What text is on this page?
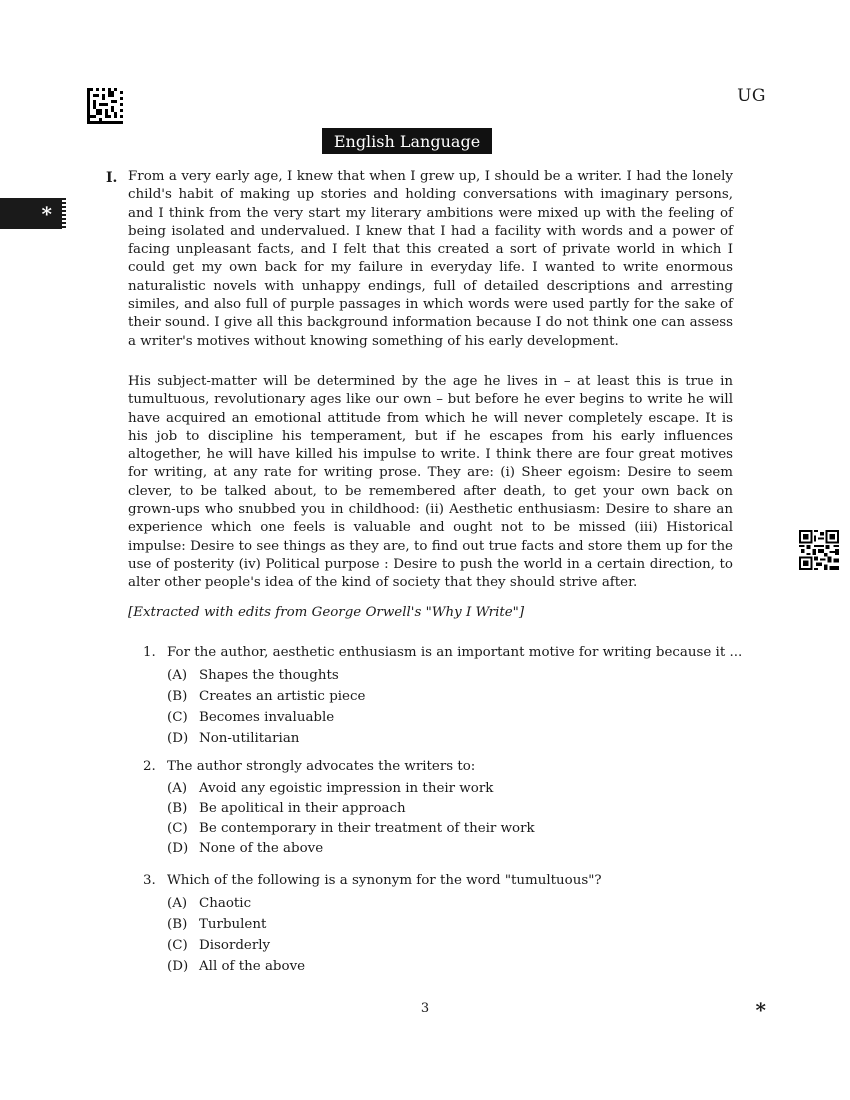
UG
English Language
*
I. From a very early age, I knew that when I grew up, I should be a writer. I had the lonely child's habit of making up stories and holding conversations with imaginary persons, and I think from the very start my literary ambitions were mixed up with the feeling of being isolated and undervalued. I knew that I had a facility with words and a power of facing unpleasant facts, and I felt that this created a sort of private world in which I could get my own back for my failure in everyday life. I wanted to write enormous naturalistic novels with unhappy endings, full of detailed descriptions and arresting similes, and also full of purple passages in which words were used partly for the sake of their sound. I give all this background information because I do not think one can assess a writer's motives without knowing something of his early development.

His subject-matter will be determined by the age he lives in – at least this is true in tumultuous, revolutionary ages like our own – but before he ever begins to write he will have acquired an emotional attitude from which he will never completely escape. It is his job to discipline his temperament, but if he escapes from his early influences altogether, he will have killed his impulse to write. I think there are four great motives for writing, at any rate for writing prose. They are: (i) Sheer egoism: Desire to seem clever, to be talked about, to be remembered after death, to get your own back on grown-ups who snubbed you in childhood: (ii) Aesthetic enthusiasm: Desire to share an experience which one feels is valuable and ought not to be missed (iii) Historical impulse: Desire to see things as they are, to find out true facts and store them up for the use of posterity (iv) Political purpose : Desire to push the world in a certain direction, to alter other people's idea of the kind of society that they should strive after.

[Extracted with edits from George Orwell's "Why I Write"]
1. For the author, aesthetic enthusiasm is an important motive for writing because it ...
(A) Shapes the thoughts
(B) Creates an artistic piece
(C) Becomes invaluable
(D) Non-utilitarian
2. The author strongly advocates the writers to:
(A) Avoid any egoistic impression in their work
(B) Be apolitical in their approach
(C) Be contemporary in their treatment of their work
(D) None of the above
3. Which of the following is a synonym for the word "tumultuous"?
(A) Chaotic
(B) Turbulent
(C) Disorderly
(D) All of the above
3	*
